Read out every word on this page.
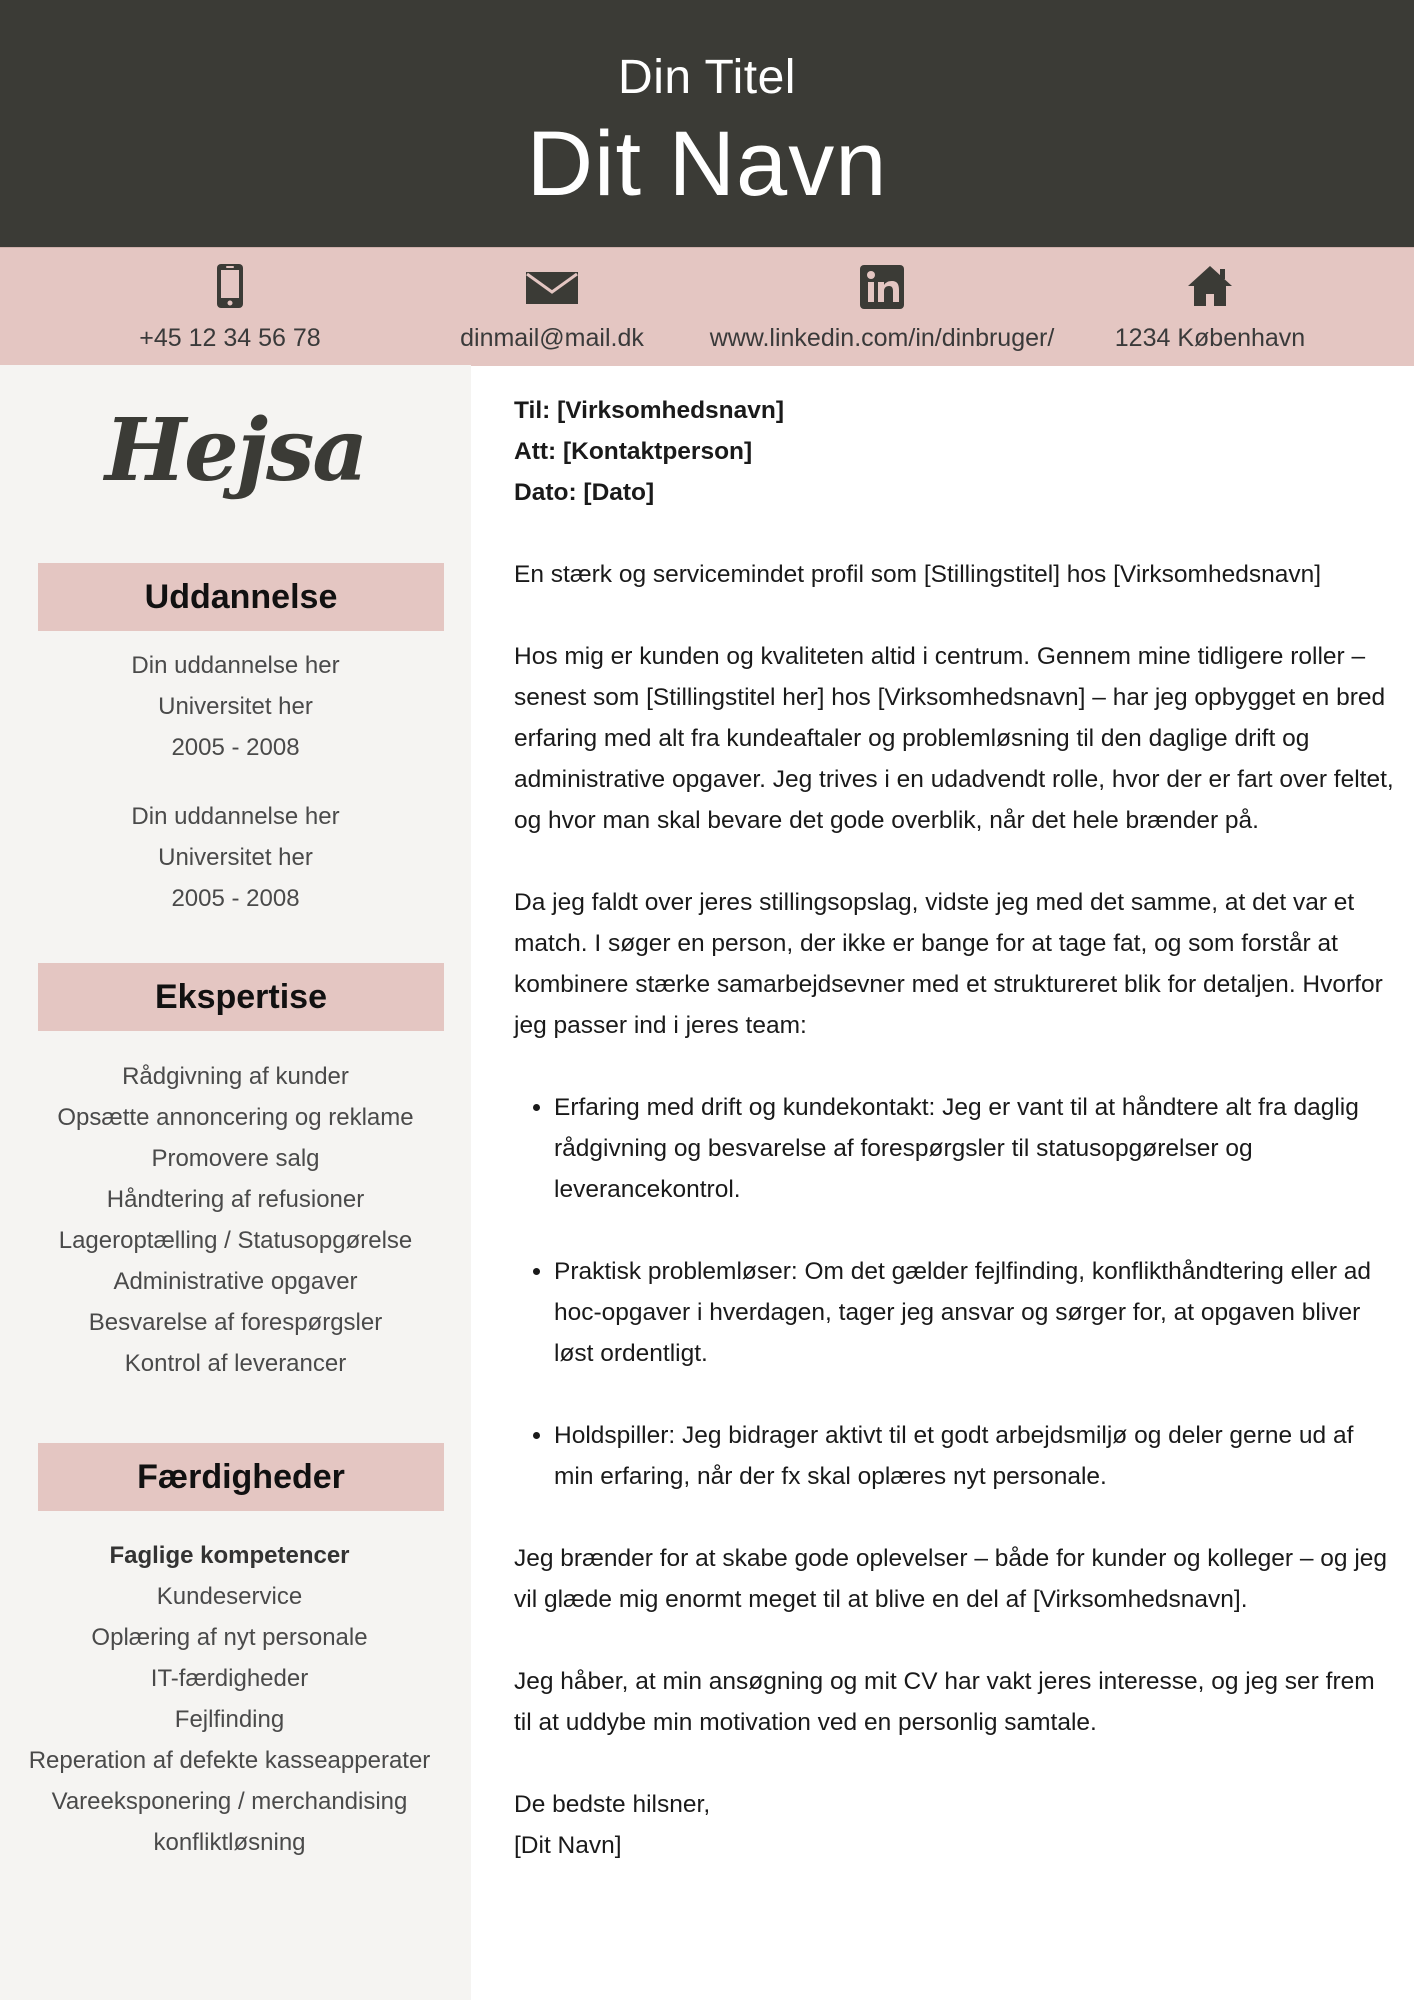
Din Titel
Dit Navn
+45 12 34 56 78	dinmail@mail.dk	www.linkedin.com/in/dinbruger/	1234 København
Hejsa
Uddannelse
Din uddannelse her
Universitet her
2005 - 2008
Din uddannelse her
Universitet her
2005 - 2008
Ekspertise
Rådgivning af kunder
Opsætte annoncering og reklame
Promovere salg
Håndtering af refusioner
Lageroptælling / Statusopgørelse
Administrative opgaver
Besvarelse af forespørgsler
Kontrol af leverancer
Færdigheder
Faglige kompetencer
Kundeservice
Oplæring af nyt personale
IT-færdigheder
Fejlfinding
Reperation af defekte kasseapperater
Vareeksponering / merchandising
konfliktløsning

Til: [Virksomhedsnavn]

Att: [Kontaktperson]

Dato: [Dato]

En stærk og servicemindet profil som [Stillingstitel] hos [Virksomhedsnavn]

Hos mig er kunden og kvaliteten altid i centrum. Gennem mine tidligere roller – senest som [Stillingstitel her] hos [Virksomhedsnavn] – har jeg opbygget en bred erfaring med alt fra kundeaftaler og problemløsning til den daglige drift og administrative opgaver. Jeg trives i en udadvendt rolle, hvor der er fart over feltet, og hvor man skal bevare det gode overblik, når det hele brænder på.

Da jeg faldt over jeres stillingsopslag, vidste jeg med det samme, at det var et match. I søger en person, der ikke er bange for at tage fat, og som forstår at kombinere stærke samarbejdsevner med et struktureret blik for detaljen. Hvorfor jeg passer ind i jeres team:

• Erfaring med drift og kundekontakt: Jeg er vant til at håndtere alt fra daglig rådgivning og besvarelse af forespørgsler til statusopgørelser og leverancekontrol.
• Praktisk problemløser: Om det gælder fejlfinding, konflikthåndtering eller ad hoc-opgaver i hverdagen, tager jeg ansvar og sørger for, at opgaven bliver løst ordentligt.
• Holdspiller: Jeg bidrager aktivt til et godt arbejdsmiljø og deler gerne ud af min erfaring, når der fx skal oplæres nyt personale.

Jeg brænder for at skabe gode oplevelser – både for kunder og kolleger – og jeg vil glæde mig enormt meget til at blive en del af [Virksomhedsnavn].

Jeg håber, at min ansøgning og mit CV har vakt jeres interesse, og jeg ser frem til at uddybe min motivation ved en personlig samtale.

De bedste hilsner,

[Dit Navn]
